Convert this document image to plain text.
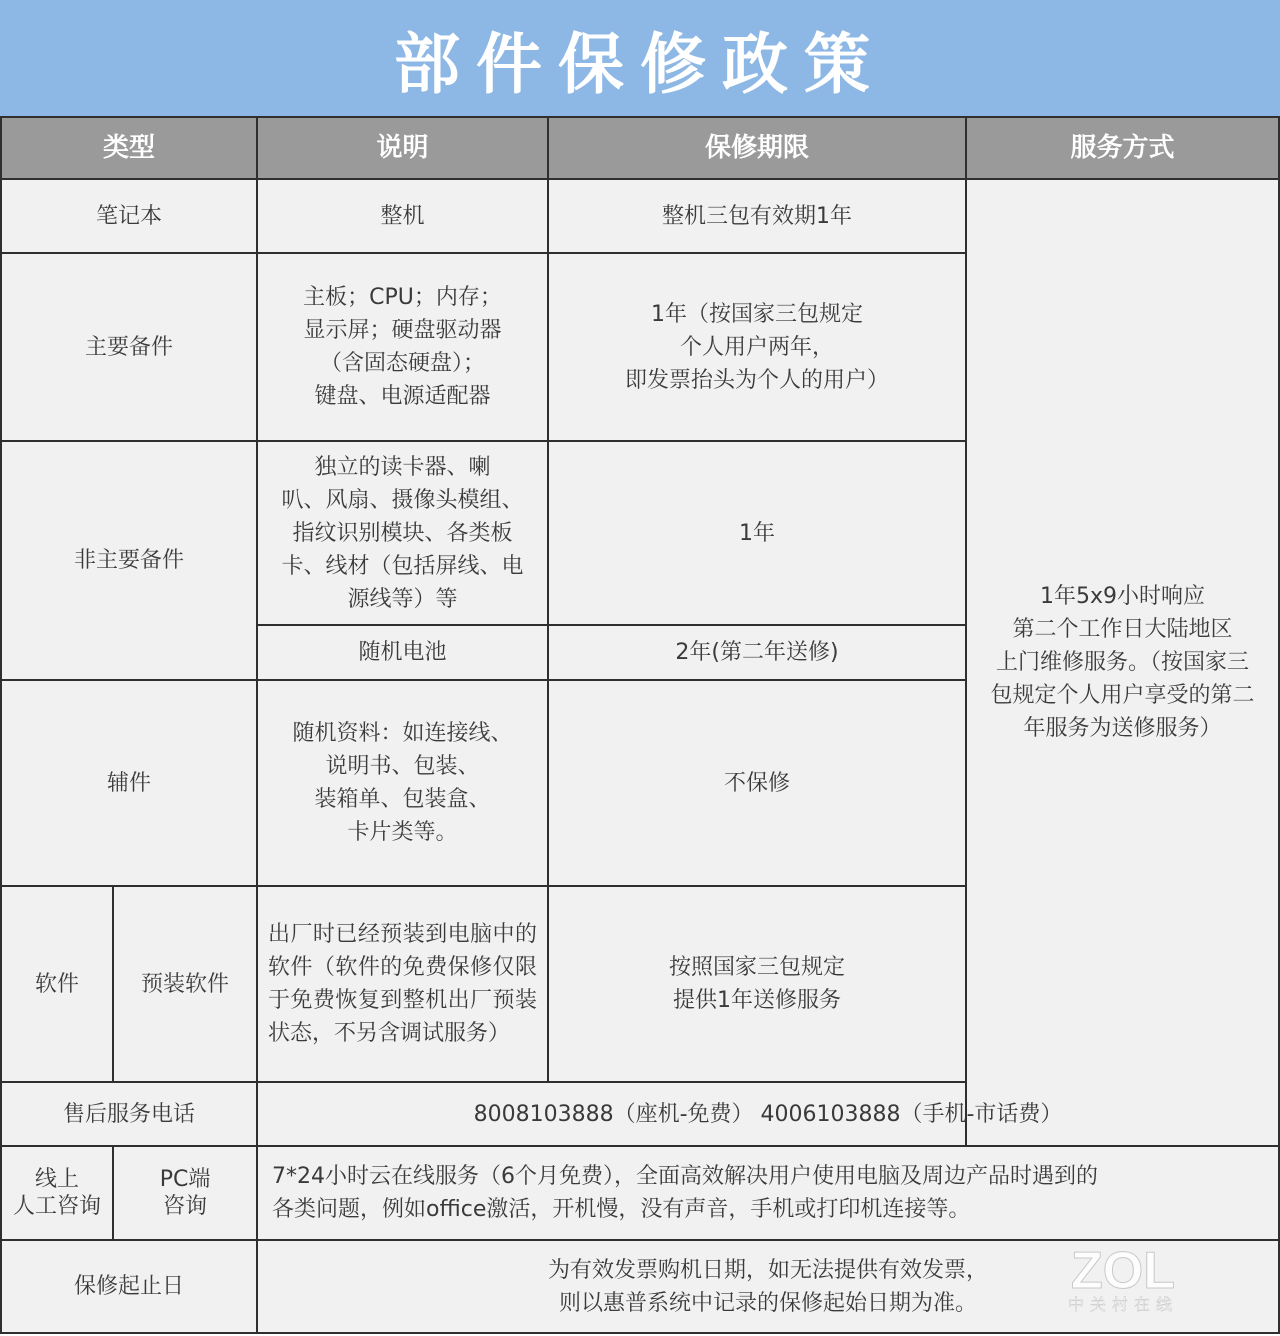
部件保修政策
类型		说明	保修期限	服务方式
笔记本		整机	整机三包有效期1年	1年5x9小时响应
第二个工作日大陆地区
上门维修服务。（按国家三
包规定个人用户享受的第二
年服务为送修服务）
主要备件		主板；CPU；内存；
显示屏；硬盘驱动器
（含固态硬盘）；
键盘、电源适配器	1年（按国家三包规定
个人用户两年，
即发票抬头为个人的用户）	
非主要备件		独立的读卡器、喇
叭、风扇、摄像头模组、
指纹识别模块、各类板
卡、线材（包括屏线、电
源线等）等	1年	
		随机电池	2年(第二年送修)	
辅件		随机资料：如连接线、
说明书、包装、
装箱单、包装盒、
卡片类等。	不保修	
软件	预装软件	出厂时已经预装到电脑中的软件（软件的免费保修仅限于免费恢复到整机出厂预装状态，不另含调试服务）	按照国家三包规定
提供1年送修服务	
售后服务电话		8008103888（座机-免费） 4006103888（手机-市话费）		
线上
人工咨询	PC端
咨询	7*24小时云在线服务（6个月免费），全面高效解决用户使用电脑及周边产品时遇到的
各类问题，例如office激活，开机慢，没有声音，手机或打印机连接等。		
保修起止日		为有效发票购机日期，如无法提供有效发票，
则以惠普系统中记录的保修起始日期为准。		
ZOL
中关村在线
